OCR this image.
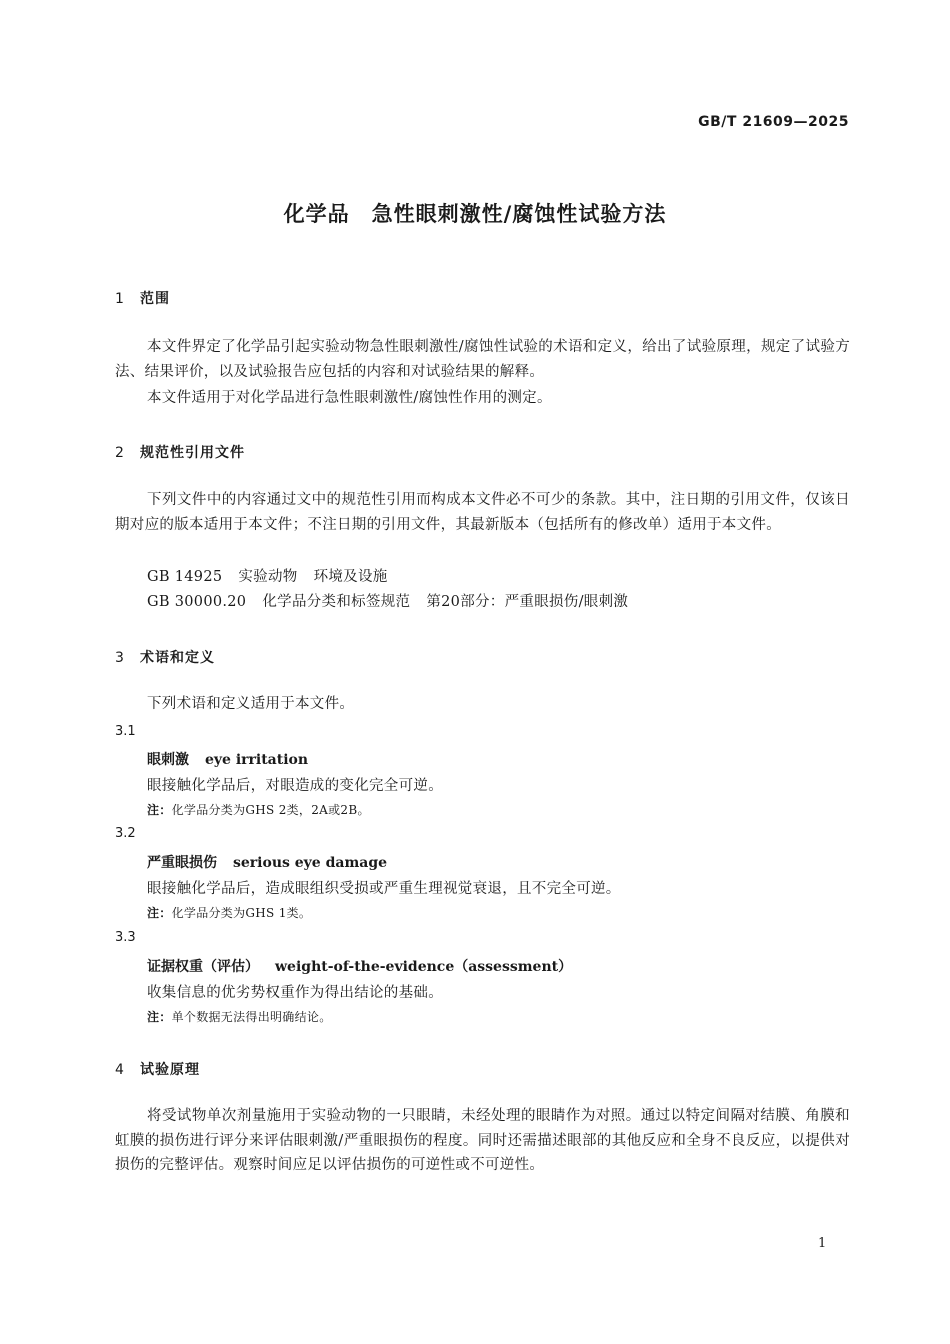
GB/T 21609—2025
化学品　急性眼刺激性/腐蚀性试验方法
1 范围
本文件界定了化学品引起实验动物急性眼刺激性/腐蚀性试验的术语和定义，给出了试验原理，规定了试验方法、结果评价，以及试验报告应包括的内容和对试验结果的解释。
本文件适用于对化学品进行急性眼刺激性/腐蚀性作用的测定。
2 规范性引用文件
下列文件中的内容通过文中的规范性引用而构成本文件必不可少的条款。其中，注日期的引用文件，仅该日期对应的版本适用于本文件；不注日期的引用文件，其最新版本（包括所有的修改单）适用于本文件。
GB 14925 实验动物 环境及设施
GB 30000.20 化学品分类和标签规范 第20部分：严重眼损伤/眼刺激
3 术语和定义
下列术语和定义适用于本文件。
3.1
眼刺激 eye irritation
眼接触化学品后，对眼造成的变化完全可逆。
注：化学品分类为GHS 2类，2A或2B。
3.2
严重眼损伤 serious eye damage
眼接触化学品后，造成眼组织受损或严重生理视觉衰退，且不完全可逆。
注：化学品分类为GHS 1类。
3.3
证据权重（评估） weight-of-the-evidence（assessment）
收集信息的优劣势权重作为得出结论的基础。
注：单个数据无法得出明确结论。
4 试验原理
将受试物单次剂量施用于实验动物的一只眼睛，未经处理的眼睛作为对照。通过以特定间隔对结膜、角膜和虹膜的损伤进行评分来评估眼刺激/严重眼损伤的程度。同时还需描述眼部的其他反应和全身不良反应，以提供对损伤的完整评估。观察时间应足以评估损伤的可逆性或不可逆性。
1
